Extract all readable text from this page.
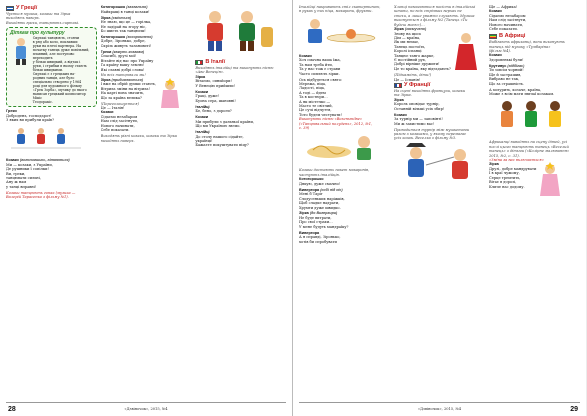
У Греції
Чується музика, козаки та Зірка
виходять наверх.
Виходять греки, танцюють сиртакі.
Діткам про культуру
Сиртакі танцюють, стоячи
в ряд або коло, поклавши
руки на плечі партнера. На
початку танець дуже повільний,
плавний, але поступово переходить
у більш швидкий, а відтак і
рухи, і стрибки в ньому стають
більш швидкими.
Сиртакі є з грецьких на-
родних танців, але було
спеціально створено у 1964
році для художнього фільму
«Грек Зорба», музику до якого
написав грецький композитор Мікіс
Теодоракіс.
Греки
Добродень, господарот!
З яких ви прибули країв?
Козаки (вклонившись, вітаються)
Ми — козаки, з України,
Де рушники ї сопілки!
Ви, греки,
танцювати сильні,
Ану ж нам
у танці вправні!
Козаки танцюють гопак (музика —
Валерій Тарасенко з фільму №1).
Котигорошко (захвально)
Найкращі в танці козаки!
Зірка (сміється)
Не знаю, що це — горілка,
Не задірай на згору ніс,
Бо шиєть так танцюєш!
Котигорошко (зосоромлено)
Добре, Зіронько, добре,
Скрізь живуть талановиті!
Греки (кажуть козакам)
Спасибі, друзі мої!
Вітайте від нас про Україну
Та країну вашу землю!
Які славні добрі слова!
На всіх танцювали ми!
Зірка (придивляється)
І вже на обрій думки стають,
Вітрила зміни на вітрила!
На карті вона значить,
Що за країна велика?
(Переголошується)
Це — Італія!
Козаки
Сідаємо незабаром
Нам слід засітнути,
Нового начинати,
Себе показати.
Виходять різні козаки, козаки та Зірка
виходять наверх.
В Італії
Виходять італійці та виконують пісню
«Аве Венеція».
Зірка
Вітаємо, синьйори!
У Венецію прийшли!
Козаки
Граці, дуже!
Буона сера, шановні!
Італійці
Бе, бено, з дороги?
Козаки
Ми прибули з дальньої країни,
Що ми Україною звемо.
Італійці
До столу нашого сідайте,
українці!
Бажаєте покуштувати піцу?
28	«Дзвіночок», 2015, №4
Італійці накривають стіл скатертиною,
в руках у них піца, макарони, фрукти.
Козаки
Хоч смачна ваша їжа,
Та нам треба йти,
Та у нас тож є страви
Часто сиплють зірки.
Ось відбудеться свято:
Мережа, піца,
Ладості, піца,
А тоді — йдем
Та в костюри…
А як містечко —
Масто те світлий,
Це сучі відчуття,
Тото будем честувати!
Виконують пісню «Везеньтіїве»
(«Танцювальний полудень», 2012, №1,
с. 39)
Козаки достають пакет макаронів,
частують італійців.
Котигорошко
Дякую, дуже смачно!
Вивергира (собі під ніс)
Мені б Таріг
Cлодусеньких наріжків,
Щоб сладке надрати,
Хрумти дуже швидко.
Зірка (до Вивергири)
Не буде витрати,
Про свої страхи…
У мене будуть мандраїку?
Вивергира
А я справді, Зіронько,
хотів би спробувати
Хлопці намагаються посісти в італійські
штани, по всіх стрімких верхах не
стехи, а лише уважно слухають. Музика
виконується з фільму №2 (Танець «Ти
будеш моєю»)…
Зірка (засмучено)
Знову на щось
Дім — країна,
Як ми немає,
Танець постоїть,
Королі іспанці
Танцює танго жарке,
Є постійний рух,
Добрі вірніше дружити!
Це то країна, яку відгадають?
(Підкажіть, діти!)
Це — Іспанія!
У Франції
На сцені виходять французи, козаки
та Зірка.
Зірка
Король оповідає турнір,
Останній вільші усіх збир!
Козаки
За турнір ми — заповінті!
Ми ж захистимо вас!
Проводиться турнір між мушкетами
разом з козаками, у якому перемагає
усіх козак. Веселка з фільму №3.
Ще — Африка!
Козаки
Сідаємо незабаром
Нам слід засітнути,
Нового начинати,
Себе показати.
В Африці
Вибігають африканці, вони виконують
танець під музику «Тумбаріна»
(фільм №4).
Козаки
Здоровенькі були!
Крутивус (відбігає)
Ти зовсім чорний!
Ще й застрашив,
Вибраво не так,
Що за страшність.
А холурить, козаче, країна,
Може з всім мати звичаї козакам.
Африканці виводять на сцену дітей, усі
послі цього танцюють танець «Веселий
танець» з дітьми («Колірне малювання»
2015, №2, с. 31).
«Зміна за вас включається»
Зірка
Друзі, добре мандрувати
І в краї чужому,
Серце тремтить,
Вітає в дорозі,
Кличе нас додому.
29
«Дзвіночок», 2015, №4
